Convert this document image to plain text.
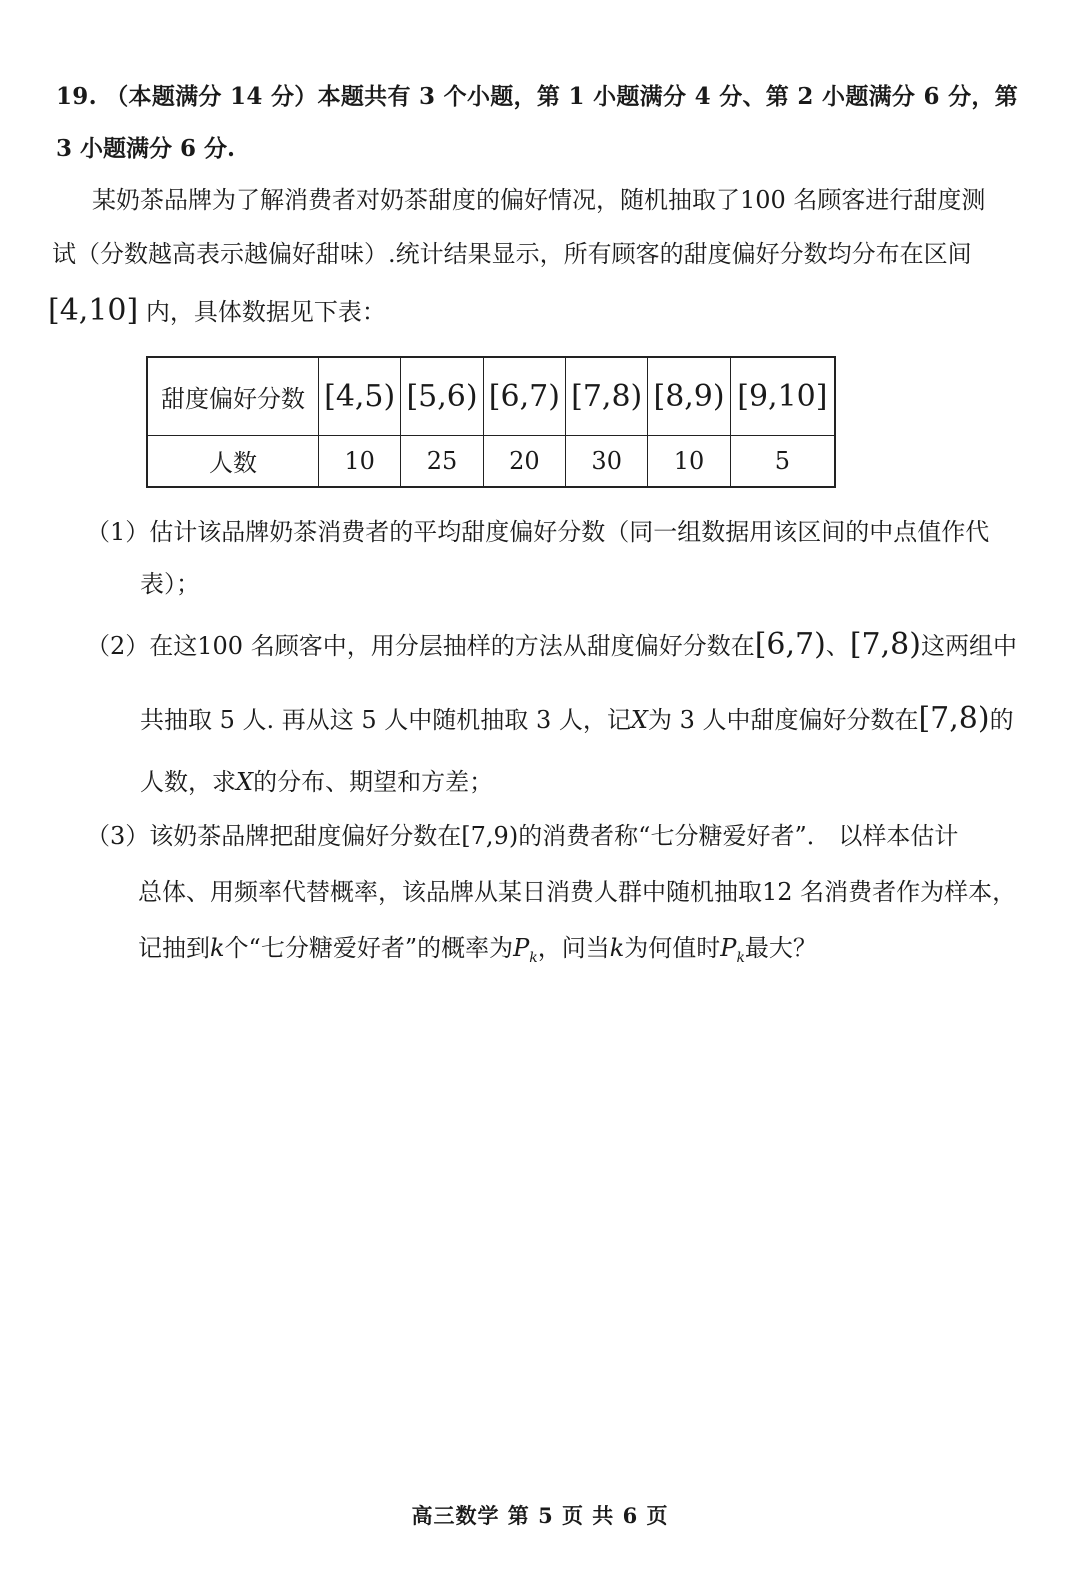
19. （本题满分 14 分）本题共有 3 个小题，第 1 小题满分 4 分、第 2 小题满分 6 分，第
3 小题满分 6 分.
某奶茶品牌为了解消费者对奶茶甜度的偏好情况，随机抽取了100 名顾客进行甜度测
试（分数越高表示越偏好甜味）.统计结果显示，所有顾客的甜度偏好分数均分布在区间
[4,10] 内，具体数据见下表：
甜度偏好分数	[4,5)	[5,6)	[6,7)	[7,8)	[8,9)	[9,10]
人数	10	25	20	30	10	5
（1）估计该品牌奶茶消费者的平均甜度偏好分数（同一组数据用该区间的中点值作代
表）；
（2）在这100 名顾客中，用分层抽样的方法从甜度偏好分数在[6,7)、[7,8)这两组中
共抽取 5 人. 再从这 5 人中随机抽取 3 人，记X为 3 人中甜度偏好分数在[7,8)的
人数，求X的分布、期望和方差；
（3）该奶茶品牌把甜度偏好分数在[7,9)的消费者称“七分糖爱好者”． 以样本估计
总体、用频率代替概率，该品牌从某日消费人群中随机抽取12 名消费者作为样本，
记抽到k个“七分糖爱好者”的概率为$P_k$，问当k为何值时$P_k$最大？
高三数学 第 5 页 共 6 页
